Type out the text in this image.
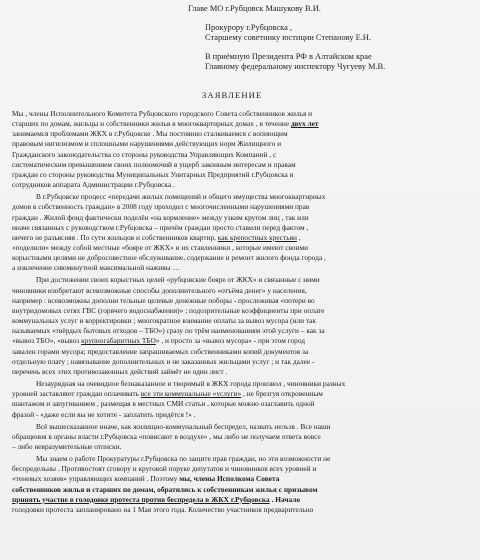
Главе МО г.Рубцовск Машукову В.И.
Прокурору г.Рубцовска ,
Старшему советнику юстиции Степанову Е.Н.
В приёмную Президента РФ в Алтайском крае
Главному федеральному инспектору Чугуеву М.В.
ЗАЯВЛЕНИЕ

Мы , члены Исполнительного Комитета Рубцовского городского Совета собственников жилья и
старших по домам, жильцы и собственники жилья в многоквартирных домах , в течение двух лет
занимаемся проблемами ЖКХ в г.Рубцовске . Мы постоянно сталкиваемся с вопиющим
правовым нигилизмом и сплошными нарушениями действующих норм Жилищного и
Гражданского законодательства со стороны руководства Управляющих Компаний , с
систематическим превышением своих полномочий в ущерб законным интересам и правам
граждан со стороны руководства Муниципальных Унитарных Предприятий г.Рубцовска и
сотрудников аппарата Администрации г.Рубцовска .

В г.Рубцовске процесс «передачи жилых помещений и общего имущества многоквартирных
домов в собственность граждан» в 2008 году проходил с многочисленными нарушениями прав
граждан . Жилой фонд фактически поделён «на кормление» между узким кругом лиц , так или
иначе связанных с руководством г.Рубцовска – причём граждан просто ставили перед фактом ,
ничего не разъясняя . По сути жильцов и собственников квартир, как крепостных крестьян ,
«поделили» между собой местные «бояре от ЖКХ» и их ставленники , которые имеют своими
корыстными целями не добросовестное обслуживание, содержание и ремонт жилого фонда города ,
а извлечение сиюминутной максимальной наживы …

При достижении своих корыстных целей «рубцовские бояре от ЖКХ» и связанные с ними
чиновники изобретают всевозможные способы дополнительного «отъёма денег» у населения,
например : всевозможны дополни тельные целевые денежные поборы - прослеживая «потери во
внутридомовых сетях ГВС (горячего водоснабжения)» ; подозрительные коэффициенты при оплате
коммунальных услуг и корректировки ; многократное взимание оплаты за вывоз мусора (или так
называемых «твёрдых бытовых отходов – ТБО») сразу по трём наименованиям этой услуги – как за
«вывоз ТБО», «вывоз крупногабаритных ТБО» , и просто за «вывоз мусора» - при этом город
завален горами мусора; предоставление запрашиваемых собственниками копий документов за
отдельную плату ; навязывание дополнительных и не заказанных жильцами услуг ; и так далее -
перечень всех этих противозаконных действий займёт не один лист .

Незаурядная на очевидное безнаказанное и творимый в ЖКХ города произвол , чиновники разных
уровней заставляют граждан оплачивать все эти коммунальные «услуги» , не брезгуя откровенным
шантажом и запугиванием , размещая в местных СМИ статьи , которые можно озаглавить одной
фразой - «даже если вы не хотите - заплатить придётся !» .

Всё вышесказанное иначе, как жилищно-коммунальный беспредел, назвать нельзя . Все наши
обращения в органы власти г.Рубцовска «повисают в воздухе» , мы либо не получаем ответа вовсе
– либо невразумительные отписки.

Мы знаем о работе Прокуратуры г.Рубцовска по защите прав граждан, но эти возможности не
беспредельны . Противостоят сговору и круговой поруке депутатов и чиновников всех уровней и
«теневых хозяев» управляющих компаний . Поэтому мы, члены Исполкома Совета
собственников жилья и старших по домам, обратились к собственникам жилья с призывом
принять участие в голодовке протеста против беспредела в ЖКХ г.Рубцовска . Начало
голодовки протеста запланировано на 1 Мая этого года. Количество участников предварительно
